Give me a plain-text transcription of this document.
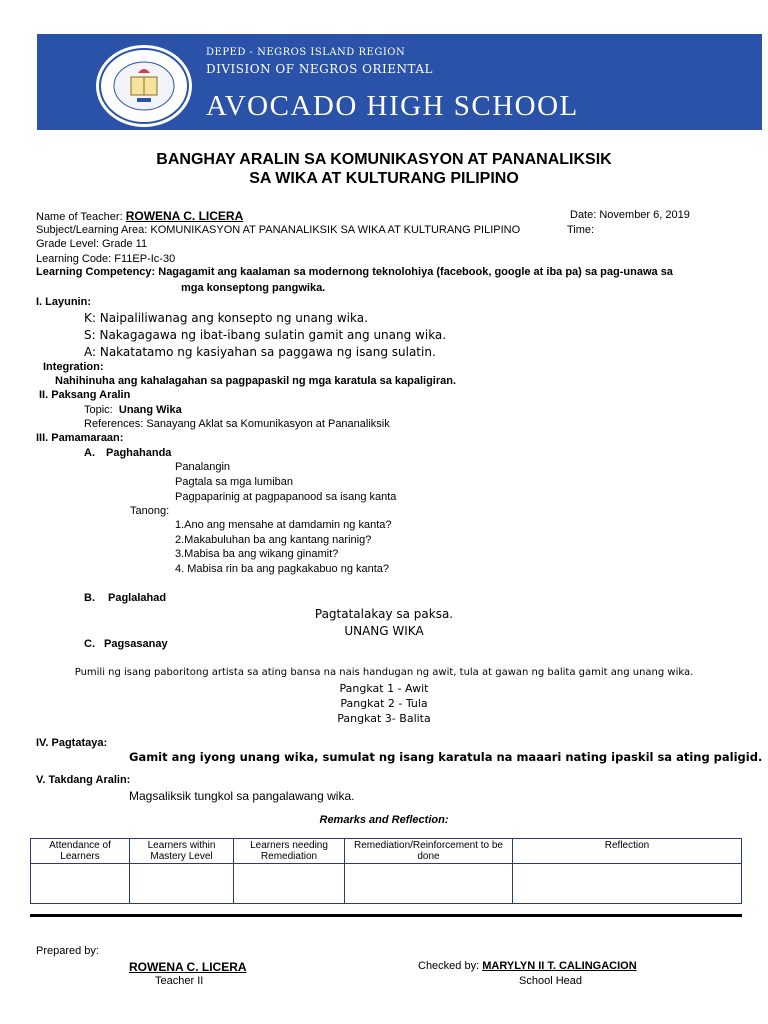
DEPED - NEGROS ISLAND REGION
DIVISION OF NEGROS ORIENTAL
AVOCADO HIGH SCHOOL
BANGHAY ARALIN SA KOMUNIKASYON AT PANANALIKSIK
SA WIKA AT KULTURANG PILIPINO
Name of Teacher: ROWENA C. LICERA	Date: November 6, 2019
Subject/Learning Area: KOMUNIKASYON AT PANANALIKSIK SA WIKA AT KULTURANG PILIPINO	Time:
Grade Level: Grade 11
Learning Code: F11EP-Ic-30
Learning Competency: Nagagamit ang kaalaman sa modernong teknolohiya (facebook, google at iba pa) sa pag-unawa sa
mga konseptong pangwika.
I. Layunin:
K: Naipaliliwanag ang konsepto ng unang wika.
S: Nakagagawa ng ibat-ibang sulatin gamit ang unang wika.
A: Nakatatamo ng kasiyahan sa paggawa ng isang sulatin.
Integration:
Nahihinuha ang kahalagahan sa pagpapaskil ng mga karatula sa kapaligiran.
II. Paksang Aralin
Topic: Unang Wika
References: Sanayang Aklat sa Komunikasyon at Pananaliksik
III. Pamamaraan:
A. Paghahanda
Panalangin
Pagtala sa mga lumiban
Pagpaparinig at pagpapanood sa isang kanta
Tanong:
1.Ano ang mensahe at damdamin ng kanta?
2.Makabuluhan ba ang kantang narinig?
3.Mabisa ba ang wikang ginamit?
4. Mabisa rin ba ang pagkakabuo ng kanta?
B. Paglalahad
Pagtatalakay sa paksa.
UNANG WIKA
C. Pagsasanay
Pumili ng isang paboritong artista sa ating bansa na nais handugan ng awit, tula at gawan ng balita gamit ang unang wika.
Pangkat 1 - Awit
Pangkat 2 - Tula
Pangkat 3- Balita
IV. Pagtataya:
Gamit ang iyong unang wika, sumulat ng isang karatula na maaari nating ipaskil sa ating paligid.
V. Takdang Aralin:
Magsaliksik tungkol sa pangalawang wika.
Remarks and Reflection:
Attendance of Learners	Learners within Mastery Level	Learners needing Remediation	Remediation/Reinforcement to be done	Reflection

Prepared by:
ROWENA C. LICERA
Teacher II
Checked by: MARYLYN II T. CALINGACION
School Head
